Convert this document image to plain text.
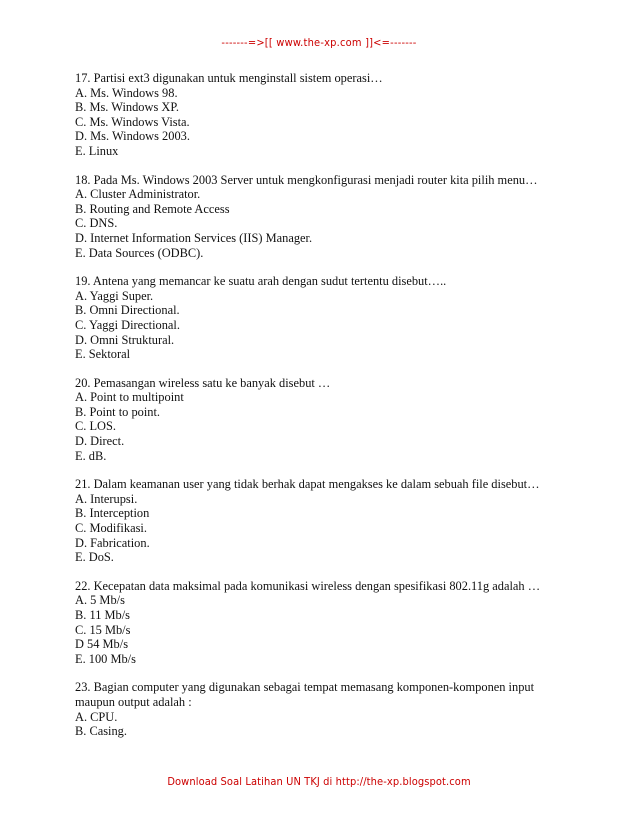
-------=>[[ www.the-xp.com ]]<=-------
17. Partisi ext3 digunakan untuk menginstall sistem operasi…
A. Ms. Windows 98.
B. Ms. Windows XP.
C. Ms. Windows Vista.
D. Ms. Windows 2003.
E. Linux
18. Pada Ms. Windows 2003 Server untuk mengkonfigurasi menjadi router kita pilih menu…
A. Cluster Administrator.
B. Routing and Remote Access
C. DNS.
D. Internet Information Services (IIS) Manager.
E. Data Sources (ODBC).
19. Antena yang memancar ke suatu arah dengan sudut tertentu disebut…..
A. Yaggi Super.
B. Omni Directional.
C. Yaggi Directional.
D. Omni Struktural.
E. Sektoral
20. Pemasangan wireless satu ke banyak disebut …
A. Point to multipoint
B. Point to point.
C. LOS.
D. Direct.
E. dB.
21. Dalam keamanan user yang tidak berhak dapat mengakses ke dalam sebuah file disebut…
A. Interupsi.
B. Interception
C. Modifikasi.
D. Fabrication.
E. DoS.
22. Kecepatan data maksimal pada komunikasi wireless dengan spesifikasi 802.11g adalah …
A. 5 Mb/s
B. 11 Mb/s
C. 15 Mb/s
D 54 Mb/s
E. 100 Mb/s
23. Bagian computer yang digunakan sebagai tempat memasang komponen-komponen input maupun output adalah :
A. CPU.
B. Casing.
Download Soal Latihan UN TKJ di http://the-xp.blogspot.com
